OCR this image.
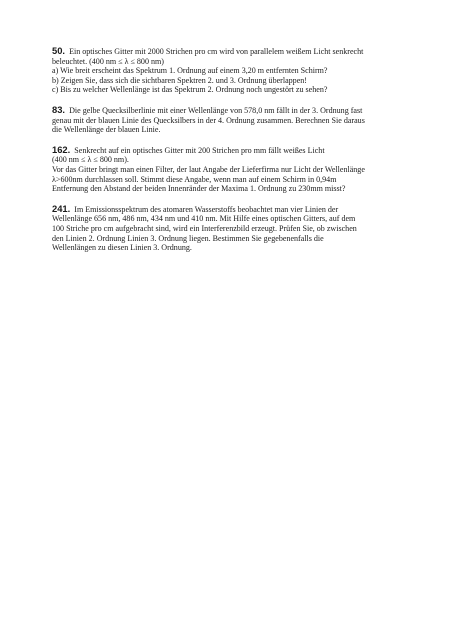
50. Ein optisches Gitter mit 2000 Strichen pro cm wird von parallelem weißem Licht senkrecht
beleuchtet. (400 nm ≤ λ ≤ 800 nm)
a) Wie breit erscheint das Spektrum 1. Ordnung auf einem 3,20 m entfernten Schirm?
b) Zeigen Sie, dass sich die sichtbaren Spektren 2. und 3. Ordnung überlappen!
c) Bis zu welcher Wellenlänge ist das Spektrum 2. Ordnung noch ungestört zu sehen?
83. Die gelbe Quecksilberlinie mit einer Wellenlänge von 578,0 nm fällt in der 3. Ordnung fast
genau mit der blauen Linie des Quecksilbers in der 4. Ordnung zusammen. Berechnen Sie daraus
die Wellenlänge der blauen Linie.
162. Senkrecht auf ein optisches Gitter mit 200 Strichen pro mm fällt weißes Licht
(400 nm ≤ λ ≤ 800 nm).
Vor das Gitter bringt man einen Filter, der laut Angabe der Lieferfirma nur Licht der Wellenlänge
λ>600nm durchlassen soll. Stimmt diese Angabe, wenn man auf einem Schirm in 0,94m
Entfernung den Abstand der beiden Innenränder der Maxima 1. Ordnung zu 230mm misst?
241. Im Emissionsspektrum des atomaren Wasserstoffs beobachtet man vier Linien der
Wellenlänge 656 nm, 486 nm, 434 nm und 410 nm. Mit Hilfe eines optischen Gitters, auf dem
100 Striche pro cm aufgebracht sind, wird ein Interferenzbild erzeugt. Prüfen Sie, ob zwischen
den Linien 2. Ordnung Linien 3. Ordnung liegen. Bestimmen Sie gegebenenfalls die
Wellenlängen zu diesen Linien 3. Ordnung.
